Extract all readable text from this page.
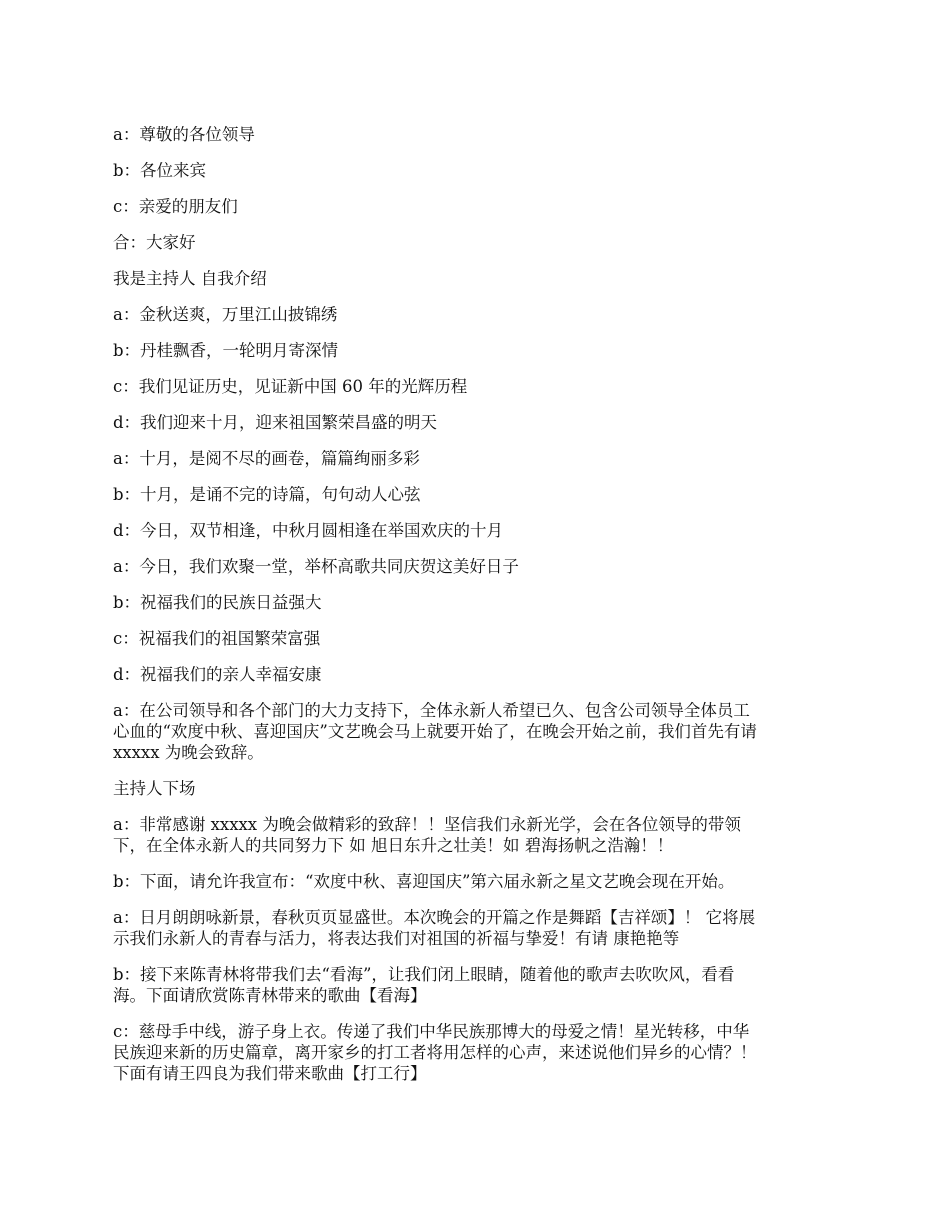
a：尊敬的各位领导
b：各位来宾
c：亲爱的朋友们
合：大家好
我是主持人 自我介绍
a：金秋送爽，万里江山披锦绣
b：丹桂飘香，一轮明月寄深情
c：我们见证历史，见证新中国 60 年的光辉历程
d：我们迎来十月，迎来祖国繁荣昌盛的明天
a：十月，是阅不尽的画卷，篇篇绚丽多彩
b：十月，是诵不完的诗篇，句句动人心弦
d：今日，双节相逢，中秋月圆相逢在举国欢庆的十月
a：今日，我们欢聚一堂，举杯高歌共同庆贺这美好日子
b：祝福我们的民族日益强大
c：祝福我们的祖国繁荣富强
d：祝福我们的亲人幸福安康
a：在公司领导和各个部门的大力支持下，全体永新人希望已久、包含公司领导全体员工
心血的“欢度中秋、喜迎国庆”文艺晚会马上就要开始了，在晚会开始之前，我们首先有请
xxxxx 为晚会致辞。
主持人下场
a：非常感谢 xxxxx 为晚会做精彩的致辞！！坚信我们永新光学，会在各位领导的带领
下，在全体永新人的共同努力下 如 旭日东升之壮美！如 碧海扬帆之浩瀚！！
b：下面，请允许我宣布：“欢度中秋、喜迎国庆”第六届永新之星文艺晚会现在开始。
a：日月朗朗咏新景，春秋页页显盛世。本次晚会的开篇之作是舞蹈【吉祥颂】！ 它将展
示我们永新人的青春与活力，将表达我们对祖国的祈福与挚爱！有请 康艳艳等
b：接下来陈青林将带我们去“看海”，让我们闭上眼睛，随着他的歌声去吹吹风，看看
海。下面请欣赏陈青林带来的歌曲【看海】
c：慈母手中线，游子身上衣。传递了我们中华民族那博大的母爱之情！星光转移，中华
民族迎来新的历史篇章，离开家乡的打工者将用怎样的心声，来述说他们异乡的心情？！
下面有请王四良为我们带来歌曲【打工行】
